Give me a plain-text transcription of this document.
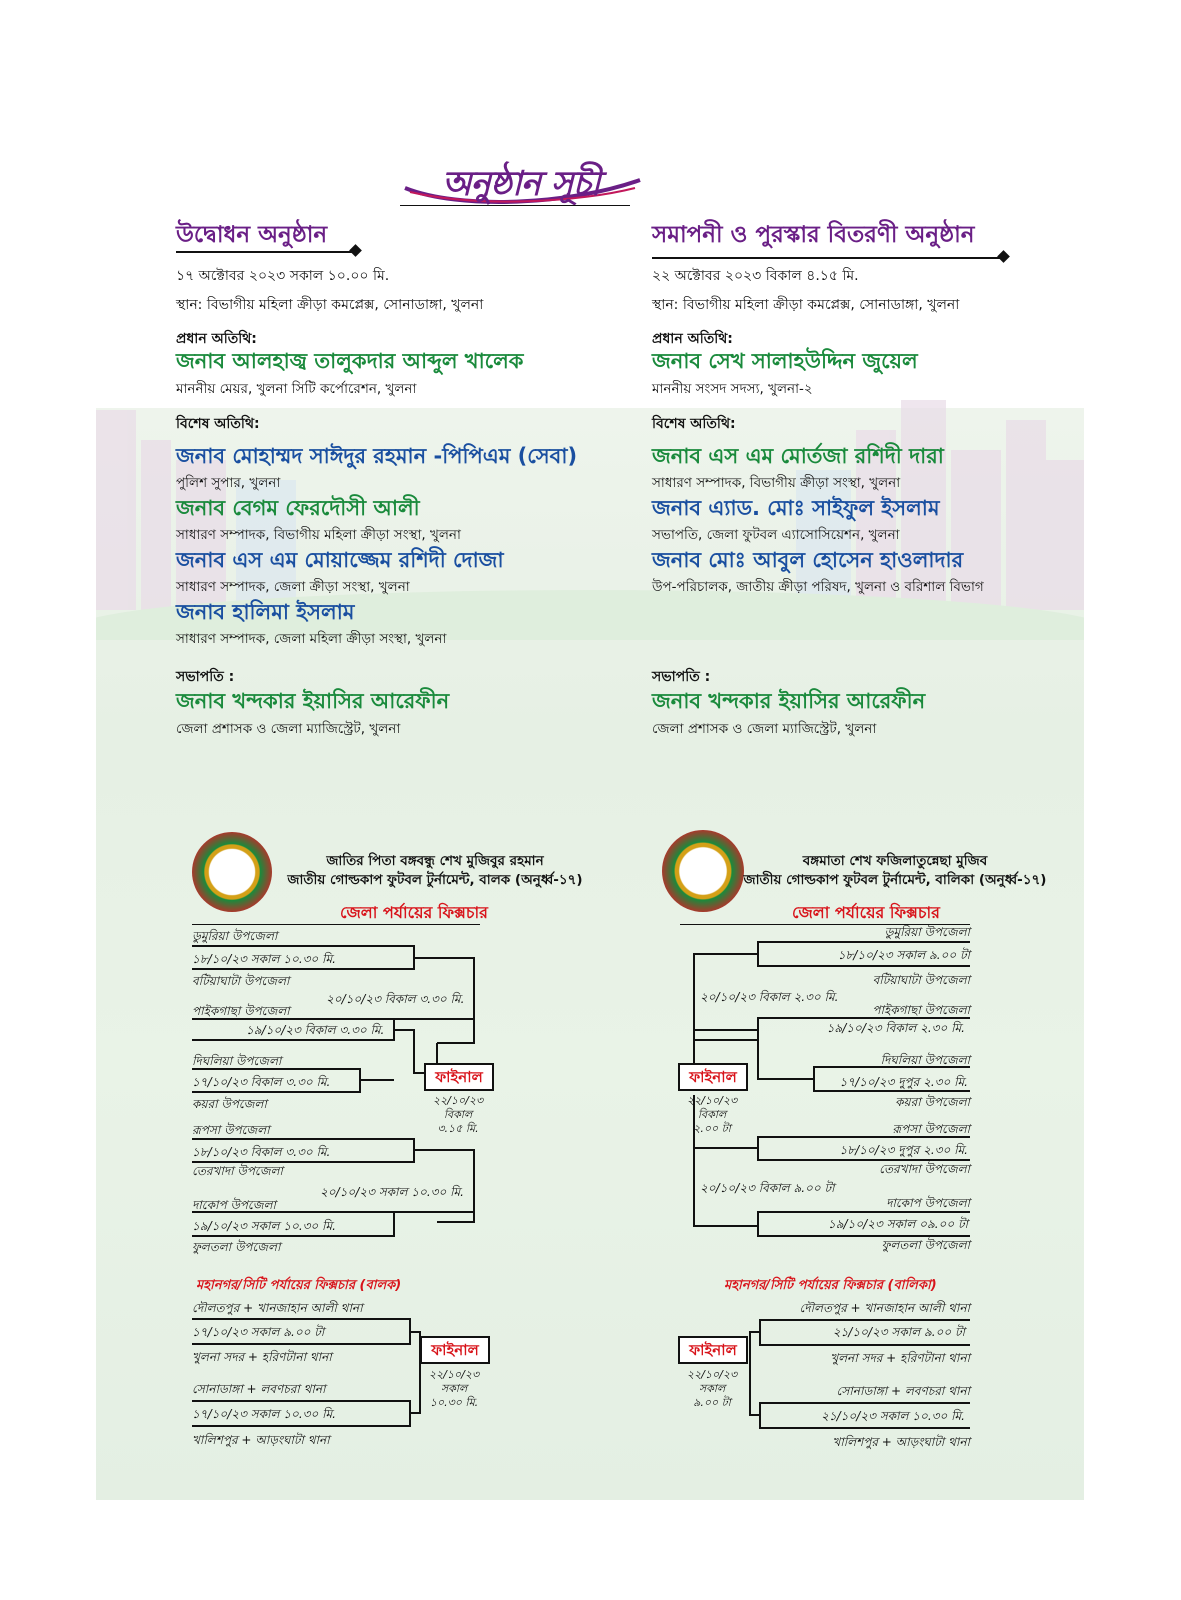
অনুষ্ঠান সূচী
উদ্বোধন অনুষ্ঠান
১৭ অক্টোবর ২০২৩ সকাল ১০.০০ মি.
স্থান: বিভাগীয় মহিলা ক্রীড়া কমপ্লেক্স, সোনাডাঙ্গা, খুলনা
প্রধান অতিথি:
জনাব আলহাজ্ব তালুকদার আব্দুল খালেক
মাননীয় মেয়র, খুলনা সিটি কর্পোরেশন, খুলনা
বিশেষ অতিথি:
জনাব মোহাম্মদ সাঈদুর রহমান -পিপিএম (সেবা)
পুলিশ সুপার, খুলনা
জনাব বেগম ফেরদৌসী আলী
সাধারণ সম্পাদক, বিভাগীয় মহিলা ক্রীড়া সংস্থা, খুলনা
জনাব এস এম মোয়াজ্জেম রশিদী দোজা
সাধারণ সম্পাদক, জেলা ক্রীড়া সংস্থা, খুলনা
জনাব হালিমা ইসলাম
সাধারণ সম্পাদক, জেলা মহিলা ক্রীড়া সংস্থা, খুলনা
সভাপতি :
জনাব খন্দকার ইয়াসির আরেফীন
জেলা প্রশাসক ও জেলা ম্যাজিস্ট্রেট, খুলনা
সমাপনী ও পুরস্কার বিতরণী অনুষ্ঠান
২২ অক্টোবর ২০২৩ বিকাল ৪.১৫ মি.
স্থান: বিভাগীয় মহিলা ক্রীড়া কমপ্লেক্স, সোনাডাঙ্গা, খুলনা
প্রধান অতিথি:
জনাব সেখ সালাহউদ্দিন জুয়েল
মাননীয় সংসদ সদস্য, খুলনা-২
বিশেষ অতিথি:
জনাব এস এম মোর্তজা রশিদী দারা
সাধারণ সম্পাদক, বিভাগীয় ক্রীড়া সংস্থা, খুলনা
জনাব এ্যাড. মোঃ সাইফুল ইসলাম
সভাপতি, জেলা ফুটবল এ্যাসোসিয়েশন, খুলনা
জনাব মোঃ আবুল হোসেন হাওলাদার
উপ-পরিচালক, জাতীয় ক্রীড়া পরিষদ, খুলনা ও বরিশাল বিভাগ
সভাপতি :
জনাব খন্দকার ইয়াসির আরেফীন
জেলা প্রশাসক ও জেলা ম্যাজিস্ট্রেট, খুলনা
জাতির পিতা বঙ্গবন্ধু শেখ মুজিবুর রহমান
জাতীয় গোল্ডকাপ ফুটবল টুর্নামেন্ট, বালক (অনুর্ধ্ব-১৭)
জেলা পর্যায়ের ফিক্সচার
ডুমুরিয়া উপজেলা
১৮/১০/২৩ সকাল ১০.৩০ মি.
বটিয়াঘাটা উপজেলা
২০/১০/২৩ বিকাল ৩.৩০ মি.
পাইকগাছা উপজেলা
১৯/১০/২৩ বিকাল ৩.৩০ মি.
দিঘলিয়া উপজেলা
১৭/১০/২৩ বিকাল ৩.৩০ মি.
কয়রা উপজেলা
রূপসা উপজেলা
১৮/১০/২৩ বিকাল ৩.৩০ মি.
তেরখাদা উপজেলা
২০/১০/২৩ সকাল ১০.৩০ মি.
দাকোপ উপজেলা
১৯/১০/২৩ সকাল ১০.৩০ মি.
ফুলতলা উপজেলা
ফাইনাল
২২/১০/২৩
বিকাল
৩.১৫ মি.
মহানগর/সিটি পর্যায়ের ফিক্সচার (বালক)
দৌলতপুর + খানজাহান আলী থানা
১৭/১০/২৩ সকাল ৯.০০ টা
খুলনা সদর + হরিণটানা থানা
সোনাডাঙ্গা + লবণচরা থানা
১৭/১০/২৩ সকাল ১০.৩০ মি.
খালিশপুর + আড়ংঘাটা থানা
ফাইনাল
২২/১০/২৩
সকাল
১০.৩০ মি.
বঙ্গমাতা শেখ ফজিলাতুন্নেছা মুজিব
জাতীয় গোল্ডকাপ ফুটবল টুর্নামেন্ট, বালিকা (অনুর্ধ্ব-১৭)
জেলা পর্যায়ের ফিক্সচার
ডুমুরিয়া উপজেলা
১৮/১০/২৩ সকাল ৯.০০ টা
বটিয়াঘাটা উপজেলা
২০/১০/২৩ বিকাল ২.৩০ মি.
পাইকগাছা উপজেলা
১৯/১০/২৩ বিকাল ২.৩০ মি.
দিঘলিয়া উপজেলা
১৭/১০/২৩ দুপুর ২.৩০ মি.
কয়রা উপজেলা
রূপসা উপজেলা
১৮/১০/২৩ দুপুর ২.৩০ মি.
তেরখাদা উপজেলা
২০/১০/২৩ বিকাল ৯.০০ টা
দাকোপ উপজেলা
১৯/১০/২৩ সকাল ০৯.০০ টা
ফুলতলা উপজেলা
ফাইনাল
২২/১০/২৩
বিকাল
২.০০ টা
মহানগর/সিটি পর্যায়ের ফিক্সচার (বালিকা)
দৌলতপুর + খানজাহান আলী থানা
২১/১০/২৩ সকাল ৯.০০ টা
খুলনা সদর + হরিণটানা থানা
সোনাডাঙ্গা + লবণচরা থানা
২১/১০/২৩ সকাল ১০.৩০ মি.
খালিশপুর + আড়ংঘাটা থানা
ফাইনাল
২২/১০/২৩
সকাল
৯.০০ টা
